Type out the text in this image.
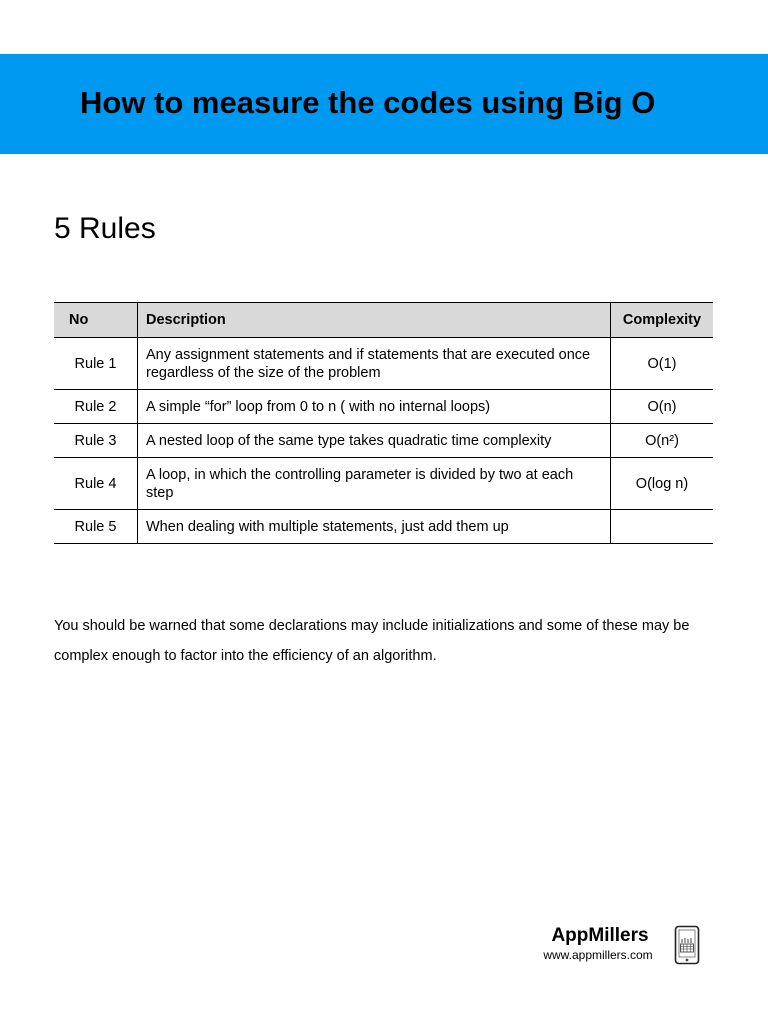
How to measure the codes using Big O
5 Rules
No	Description	Complexity
Rule 1	Any assignment statements and if statements that are executed once regardless of the size of the problem	O(1)
Rule 2	A simple “for” loop from 0 to n ( with no internal loops)	O(n)
Rule 3	A nested loop of the same type takes quadratic time complexity	O(n²)
Rule 4	A loop, in which the controlling parameter is divided by two at each step	O(log n)
Rule 5	When dealing with multiple statements, just add them up	
You should be warned that some declarations may include initializations and some of these may be complex enough to factor into the efficiency of an algorithm.
AppMillers
www.appmillers.com
